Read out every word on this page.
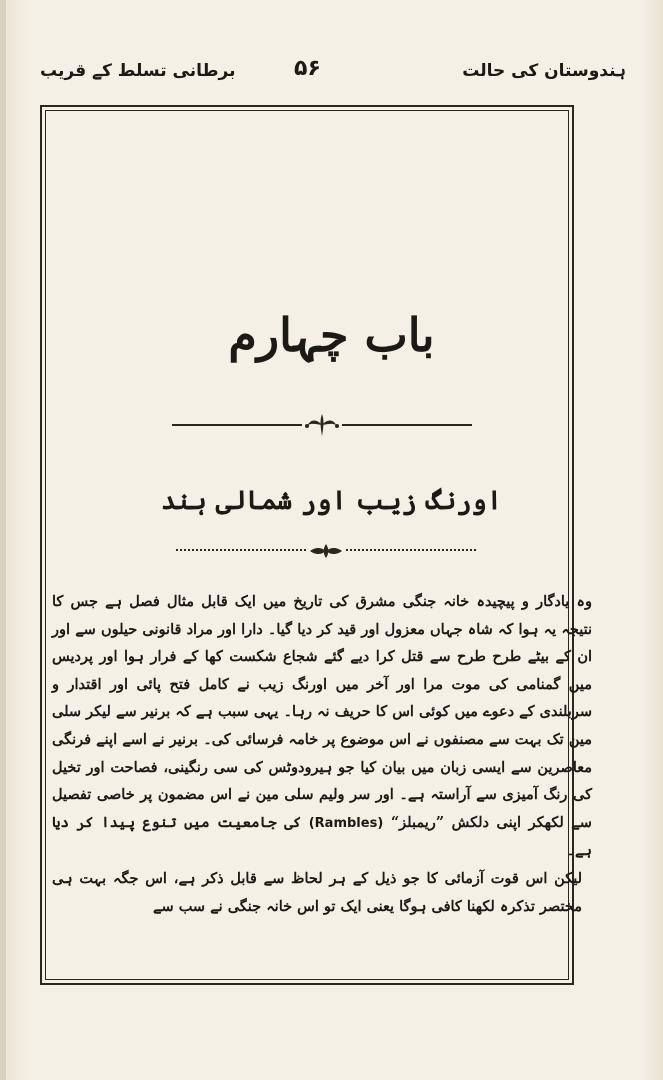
برطانی تسلط کے قریب	۵۶	ہندوستان کی حالت
باب چہارم
اورنگ زیب اور شمالی ہند

وہ یادگار و پیچیدہ خانہ جنگی مشرق کی تاریخ میں ایک قابل مثال فصل ہے جس کا نتیجہ یہ ہوا کہ شاہ جہاں معزول اور قید کر دیا گیا۔ دارا اور مراد قانونی حیلوں سے اور ان کے بیٹے طرح طرح سے قتل کرا دیے گئے شجاع شکست کھا کے فرار ہوا اور پردیس میں گمنامی کی موت مرا اور آخر میں اورنگ زیب نے کامل فتح پائی اور اقتدار و سربلندی کے دعوے میں کوئی اس کا حریف نہ رہا۔ یہی سبب ہے کہ برنیر سے لیکر سلی مین تک بہت سے مصنفوں نے اس موضوع پر خامہ فرسائی کی۔ برنیر نے اسے اپنے فرنگی معاصرین سے ایسی زبان میں بیان کیا جو ہیرودوٹس کی سی رنگینی، فصاحت اور تخیل کی رنگ آمیزی سے آراستہ ہے۔ اور سر ولیم سلی مین نے اس مضمون پر خاصی تفصیل سے لکھکر اپنی دلکش ”ریمبلز“ (Rambles) کی جامعیت میں تنوع پیدا کر دیا ہے۔

لیکن اس قوت آزمائی کا جو ذیل کے ہر لحاظ سے قابل ذکر ہے، اس جگہ بہت ہی مختصر تذکرہ لکھنا کافی ہوگا یعنی ایک تو اس خانہ جنگی نے سب سے
